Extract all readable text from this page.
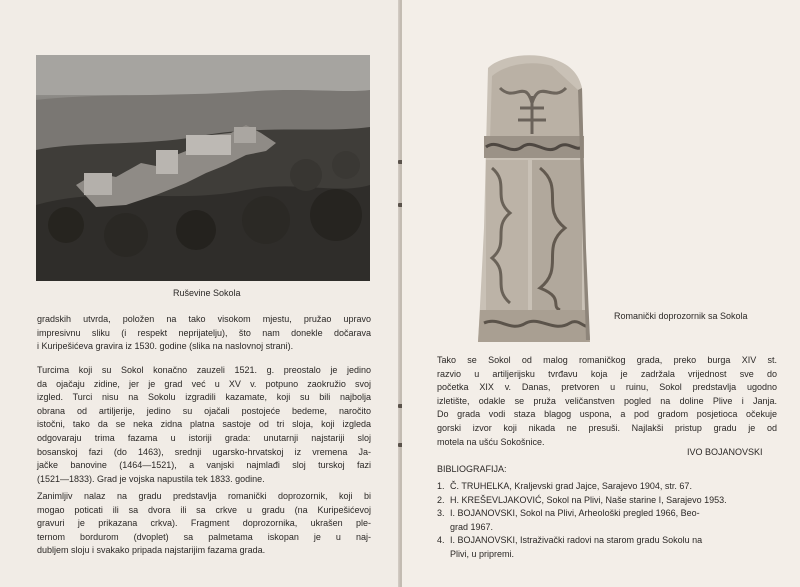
Ruševine Sokola

gradskih utvrda, položen na tako visokom mjestu, pružao upravo
impresivnu sliku (i respekt neprijatelju), što nam donekle dočarava
i Kuripešićeva gravira iz 1530. godine (slika na naslovnoj strani).

Turcima koji su Sokol konačno zauzeli 1521. g. preostalo je jedino
da ojačaju zidine, jer je grad već u XV v. potpuno zaokružio svoj
izgled. Turci nisu na Sokolu izgradili kazamate, koji su bili najbolja
obrana od artiljerije, jedino su ojačali postojeće bedeme, naročito
istočni, tako da se neka zidna platna sastoje od tri sloja, koji izgleda
odgovaraju trima fazama u istoriji grada: unutarnji najstariji sloj
bosanskoj fazi (do 1463), srednji ugarsko-hrvatskoj iz vremena Ja-
jačke banovine (1464—1521), a vanjski najmlađi sloj turskoj fazi
(1521—1833). Grad je vojska napustila tek 1833. godine.

Zanimljiv nalaz na gradu predstavlja romanički doprozornik, koji bi
mogao poticati ili sa dvora ili sa crkve u gradu (na Kuripešićevoj
gravuri je prikazana crkva). Fragment doprozornika, ukrašen ple-
ternom bordurom (dvoplet) sa palmetama iskopan je u naj-
dubljem sloju i svakako pripada najstarijim fazama grada.

Romanički doprozornik sa Sokola

Tako se Sokol od malog romaničkog grada, preko burga XIV st.
razvio u artiljerijsku tvrđavu koja je zadržala vrijednost sve do
početka XIX v. Danas, pretvoren u ruinu, Sokol predstavlja ugodno
izletište, odakle se pruža veličanstven pogled na doline Plive i Janja.
Do grada vodi staza blagog uspona, a pod gradom posjetioca očekuje
gorski izvor koji nikada ne presuši. Najlakši pristup gradu je od
motela na ušću Sokošnice.

IVO BOJANOVSKI
BIBLIOGRAFIJA:
1. Č. TRUHELKA, Kraljevski grad Jajce, Sarajevo 1904, str. 67.
2. H. KREŠEVLJAKOVIĆ, Sokol na Plivi, Naše starine I, Sarajevo 1953.
3. I. BOJANOVSKI, Sokol na Plivi, Arheološki pregled 1966, Beo-
grad 1967.
4. I. BOJANOVSKI, Istraživački radovi na starom gradu Sokolu na
Plivi, u pripremi.
